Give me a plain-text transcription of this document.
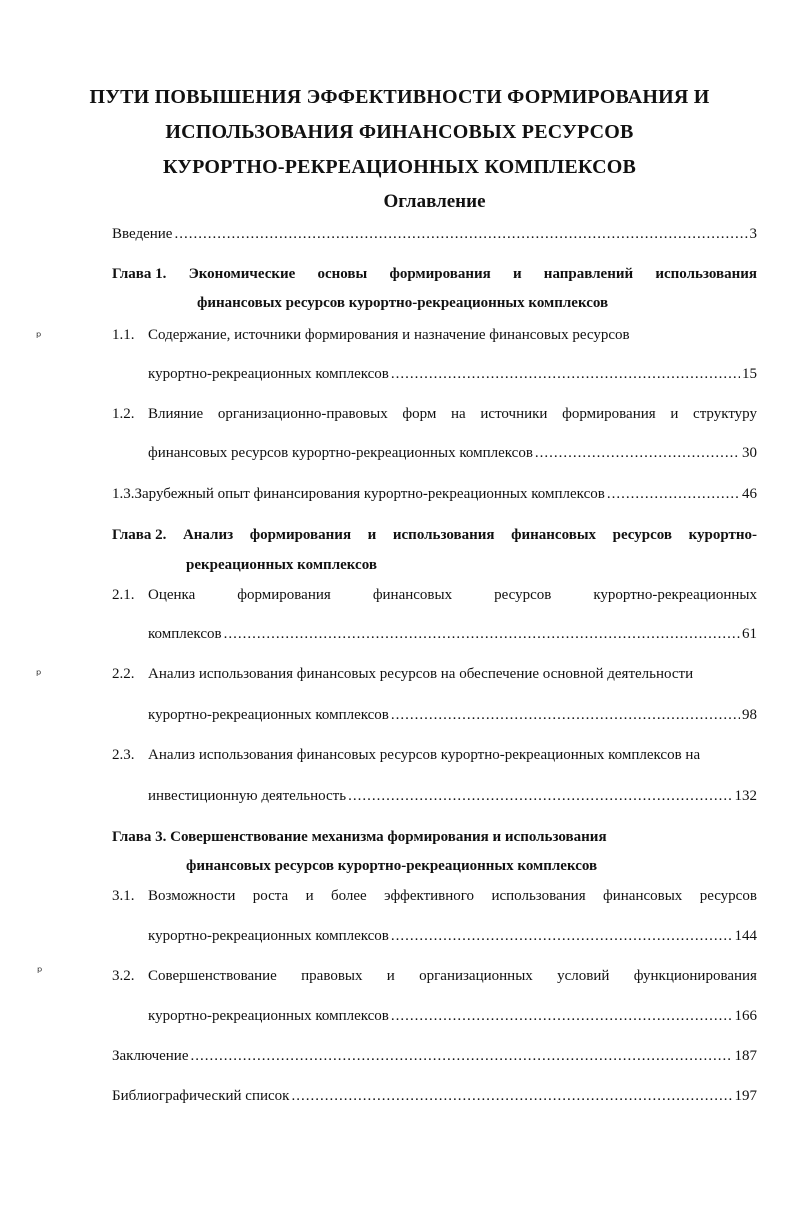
ПУТИ ПОВЫШЕНИЯ ЭФФЕКТИВНОСТИ ФОРМИРОВАНИЯ И
ИСПОЛЬЗОВАНИЯ ФИНАНСОВЫХ РЕСУРСОВ
КУРОРТНО-РЕКРЕАЦИОННЫХ КОМПЛЕКСОВ
Оглавление
Введение .....	3
Глава 1. Экономические основы формирования и направлений использования
финансовых ресурсов курортно-рекреационных комплексов
1.1. Содержание, источники формирования и назначение финансовых ресурсов
курортно-рекреационных комплексов .....	15
1.2. Влияние организационно-правовых форм на источники формирования и структуру
финансовых ресурсов курортно-рекреационных комплексов .....	30
1.3. Зарубежный опыт финансирования курортно-рекреационных комплексов .....	46
Глава 2. Анализ формирования и использования финансовых ресурсов курортно-
рекреационных комплексов
2.1. Оценка	формирования	финансовых	ресурсов	курортно-рекреационных
комплексов .....	61
2.2. Анализ использования финансовых ресурсов на обеспечение основной деятельности
курортно-рекреационных комплексов .....	98
2.3. Анализ использования финансовых ресурсов курортно-рекреационных комплексов на
инвестиционную деятельность .....	132
Глава 3. Совершенствование механизма формирования и использования
финансовых ресурсов курортно-рекреационных комплексов
3.1. Возможности роста и более эффективного использования финансовых ресурсов
курортно-рекреационных комплексов .....	144
3.2. Совершенствование правовых и организационных условий функционирования
курортно-рекреационных комплексов .....	166
Заключение .....	187
Библиографический список .....	197
ᵖ
ᵖ
ᵖ
